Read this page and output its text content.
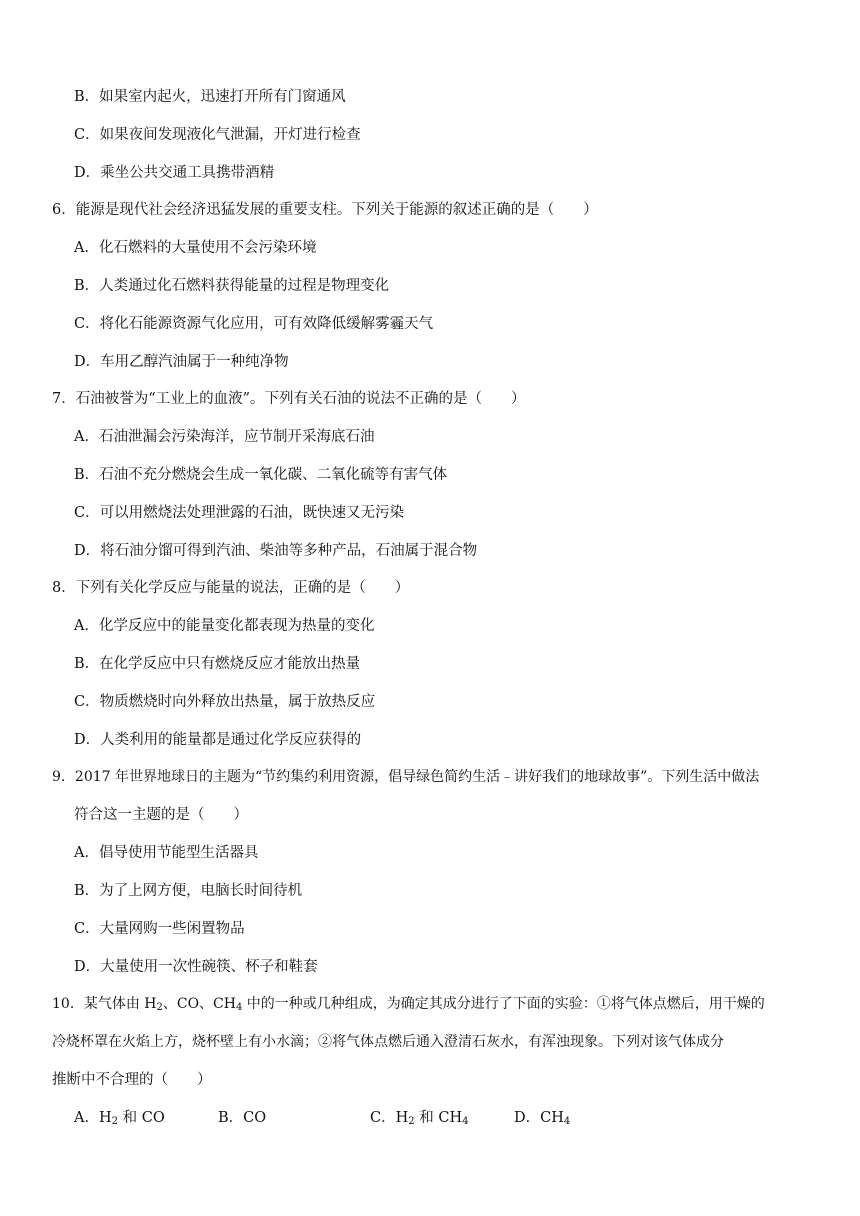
B．如果室内起火，迅速打开所有门窗通风
C．如果夜间发现液化气泄漏，开灯进行检查
D．乘坐公共交通工具携带酒精
6．能源是现代社会经济迅猛发展的重要支柱。下列关于能源的叙述正确的是（　　）
A．化石燃料的大量使用不会污染环境
B．人类通过化石燃料获得能量的过程是物理变化
C．将化石能源资源气化应用，可有效降低缓解雾霾天气
D．车用乙醇汽油属于一种纯净物
7．石油被誉为“工业上的血液”。下列有关石油的说法不正确的是（　　）
A．石油泄漏会污染海洋，应节制开采海底石油
B．石油不充分燃烧会生成一氧化碳、二氧化硫等有害气体
C．可以用燃烧法处理泄露的石油，既快速又无污染
D．将石油分馏可得到汽油、柴油等多种产品，石油属于混合物
8．下列有关化学反应与能量的说法，正确的是（　　）
A．化学反应中的能量变化都表现为热量的变化
B．在化学反应中只有燃烧反应才能放出热量
C．物质燃烧时向外释放出热量，属于放热反应
D．人类利用的能量都是通过化学反应获得的
9．2017 年世界地球日的主题为“节约集约利用资源，倡导绿色简约生活﹣讲好我们的地球故事”。下列生活中做法
符合这一主题的是（　　）
A．倡导使用节能型生活器具
B．为了上网方便，电脑长时间待机
C．大量网购一些闲置物品
D．大量使用一次性碗筷、杯子和鞋套
10．某气体由 $H_2$、CO、$CH_4$ 中的一种或几种组成，为确定其成分进行了下面的实验：①将气体点燃后，用干燥的
冷烧杯罩在火焰上方，烧杯壁上有小水滴；②将气体点燃后通入澄清石灰水，有浑浊现象。下列对该气体成分
推断中不合理的（　　）
A．$H_2$ 和 CO	B．CO	C．$H_2$ 和 $CH_4$	D．$CH_4$
